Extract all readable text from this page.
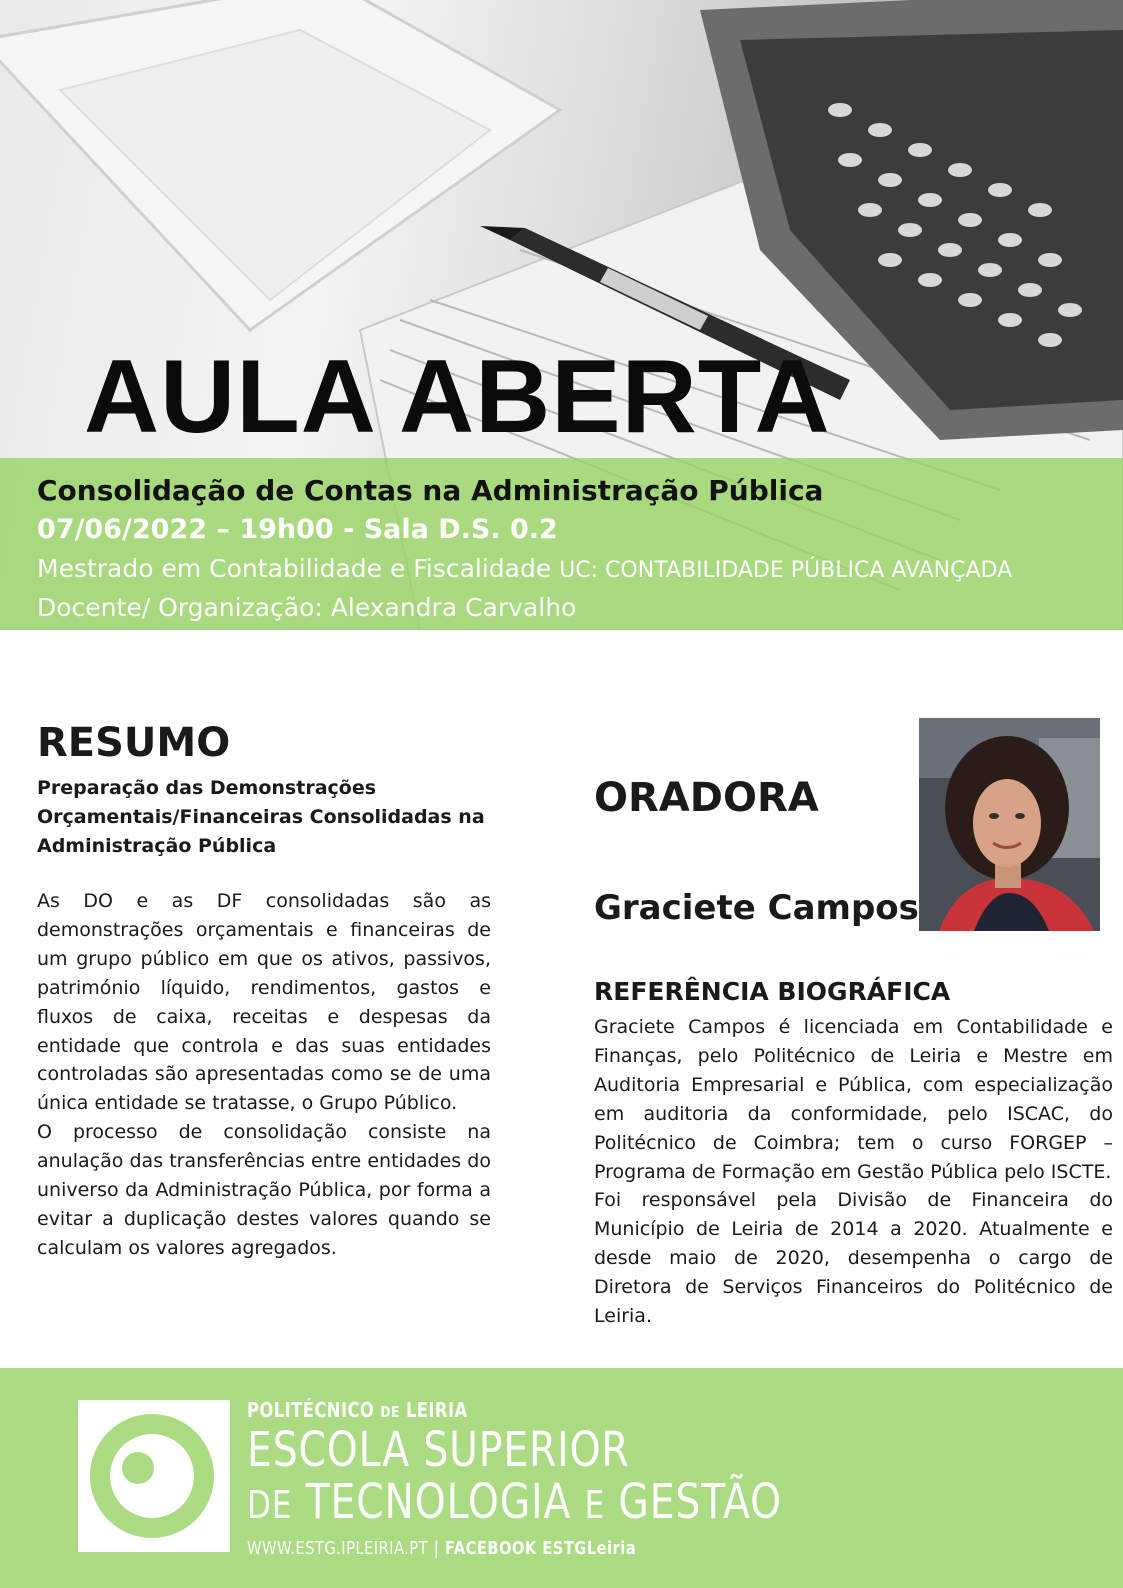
AULA ABERTA
Consolidação de Contas na Administração Pública
07/06/2022 – 19h00 - Sala D.S. 0.2
Mestrado em Contabilidade e Fiscalidade UC: CONTABILIDADE PÚBLICA AVANÇADA
Docente/ Organização: Alexandra Carvalho
RESUMO

Preparação das Demonstrações Orçamentais/Financeiras Consolidadas na Administração Pública

As DO e as DF consolidadas são as demonstrações orçamentais e financeiras de um grupo público em que os ativos, passivos, património líquido, rendimentos, gastos e fluxos de caixa, receitas e despesas da entidade que controla e das suas entidades controladas são apresentadas como se de uma única entidade se tratasse, o Grupo Público.

O processo de consolidação consiste na anulação das transferências entre entidades do universo da Administração Pública, por forma a evitar a duplicação destes valores quando se calculam os valores agregados.

ORADORA
Graciete Campos
REFERÊNCIA BIOGRÁFICA

Graciete Campos é licenciada em Contabilidade e Finanças, pelo Politécnico de Leiria e Mestre em Auditoria Empresarial e Pública, com especialização em auditoria da conformidade, pelo ISCAC, do Politécnico de Coimbra; tem o curso FORGEP – Programa de Formação em Gestão Pública pelo ISCTE.

Foi responsável pela Divisão de Financeira do Município de Leiria de 2014 a 2020. Atualmente e desde maio de 2020, desempenha o cargo de Diretora de Serviços Financeiros do Politécnico de Leiria.

POLITÉCNICO DE LEIRIA
ESCOLA SUPERIOR
DE TECNOLOGIA E GESTÃO
WWW.ESTG.IPLEIRIA.PT | FACEBOOK ESTGLeiria
